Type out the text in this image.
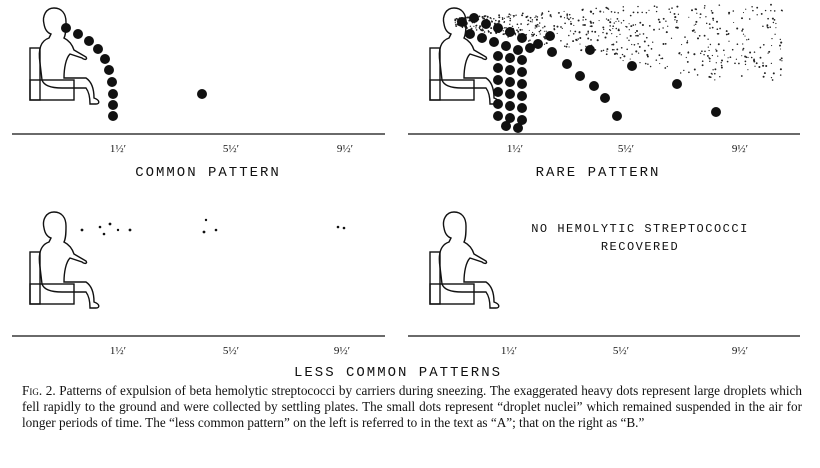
1½′	5½′	9½′
COMMON PATTERN
1½′	5½′	9½′
RARE PATTERN
1½′	5½′	9½′
NO HEMOLYTIC STREPTOCOCCI
RECOVERED
1½′	5½′	9½′
LESS COMMON PATTERNS
Fig. 2. Patterns of expulsion of beta hemolytic streptococci by carriers during sneezing. The exaggerated heavy dots represent large droplets which fell rapidly to the ground and were collected by settling plates. The small dots represent “droplet nuclei” which remained suspended in the air for longer periods of time. The “less common pattern” on the left is referred to in the text as “A”; that on the right as “B.”
